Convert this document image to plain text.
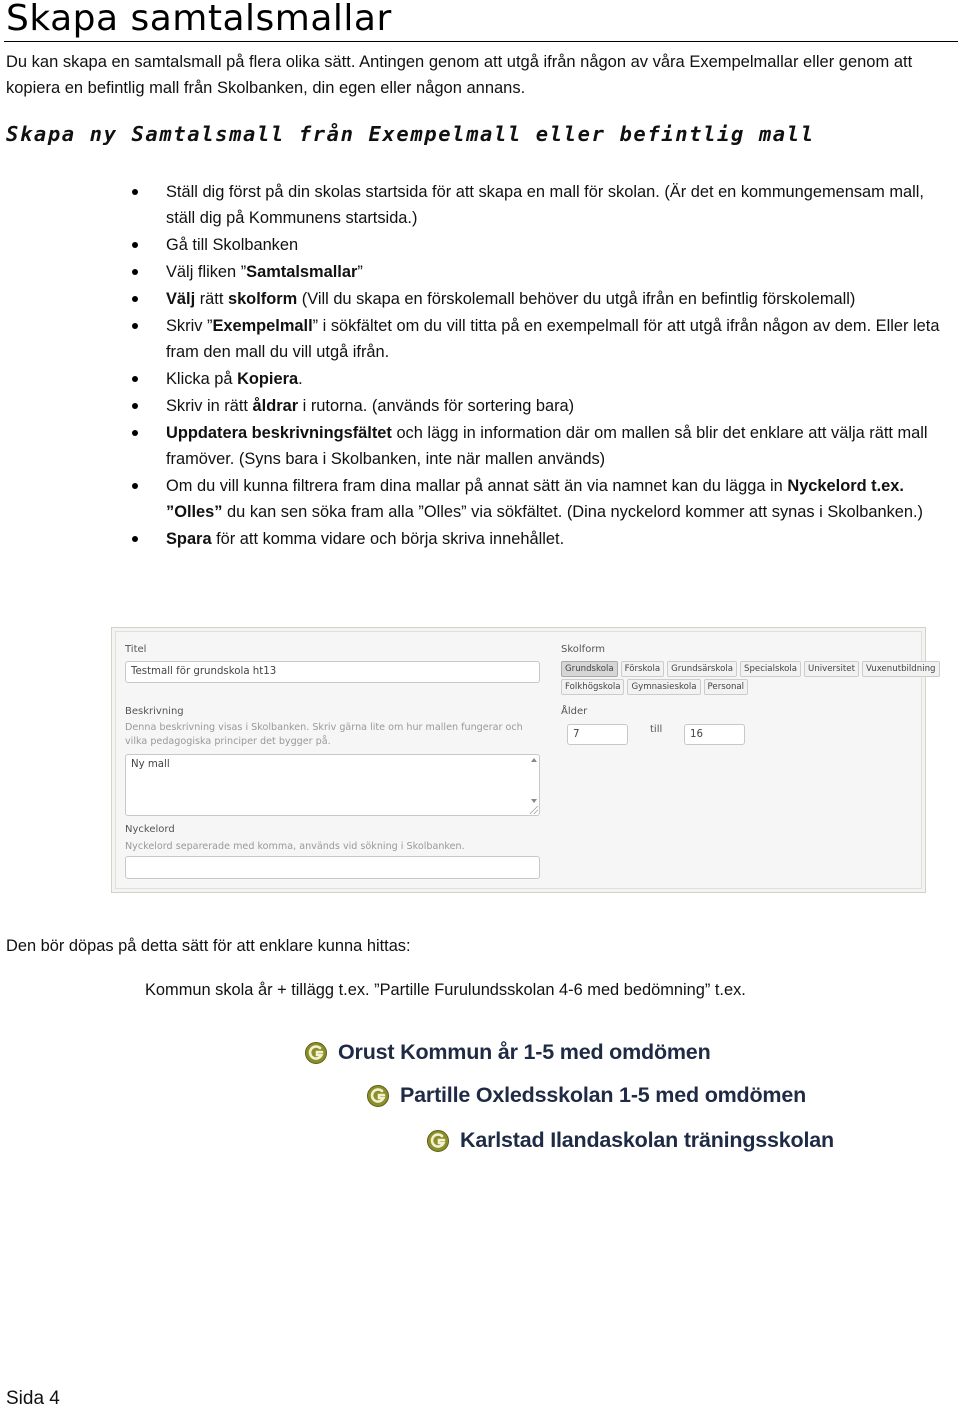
Skapa samtalsmallar

Du kan skapa en samtalsmall på flera olika sätt. Antingen genom att utgå ifrån någon av våra Exempelmallar eller genom att kopiera en befintlig mall från Skolbanken, din egen eller någon annans.

Skapa ny Samtalsmall från Exempelmall eller befintlig mall
Ställ dig först på din skolas startsida för att skapa en mall för skolan. (Är det en kommungemensam mall, ställ dig på Kommunens startsida.)
Gå till Skolbanken
Välj fliken ”Samtalsmallar”
Välj rätt skolform (Vill du skapa en förskolemall behöver du utgå ifrån en befintlig förskolemall)
Skriv ”Exempelmall” i sökfältet om du vill titta på en exempelmall för att utgå ifrån någon av dem. Eller leta fram den mall du vill utgå ifrån.
Klicka på Kopiera.
Skriv in rätt åldrar i rutorna. (används för sortering bara)
Uppdatera beskrivningsfältet och lägg in information där om mallen så blir det enklare att välja rätt mall framöver. (Syns bara i Skolbanken, inte när mallen används)
Om du vill kunna filtrera fram dina mallar på annat sätt än via namnet kan du lägga in Nyckelord t.ex. ”Olles” du kan sen söka fram alla ”Olles” via sökfältet. (Dina nyckelord kommer att synas i Skolbanken.)
Spara för att komma vidare och börja skriva innehållet.
Titel
Testmall för grundskola ht13
Beskrivning
Denna beskrivning visas i Skolbanken. Skriv gärna lite om hur mallen fungerar och vilka pedagogiska principer det bygger på.
Ny mall
Nyckelord
Nyckelord separerade med komma, används vid sökning i Skolbanken.
Skolform
Grundskola	Förskola	Grundsärskola	Specialskola	Universitet	Vuxenutbildning
Folkhögskola	Gymnasieskola	Personal
Ålder
7	till	16

Den bör döpas på detta sätt för att enklare kunna hittas:

Kommun skola år + tillägg t.ex. ”Partille Furulundsskolan 4-6 med bedömning” t.ex.

Orust Kommun år 1-5 med omdömen
Partille Oxledsskolan 1-5 med omdömen
Karlstad Ilandaskolan träningsskolan

Sida 4
